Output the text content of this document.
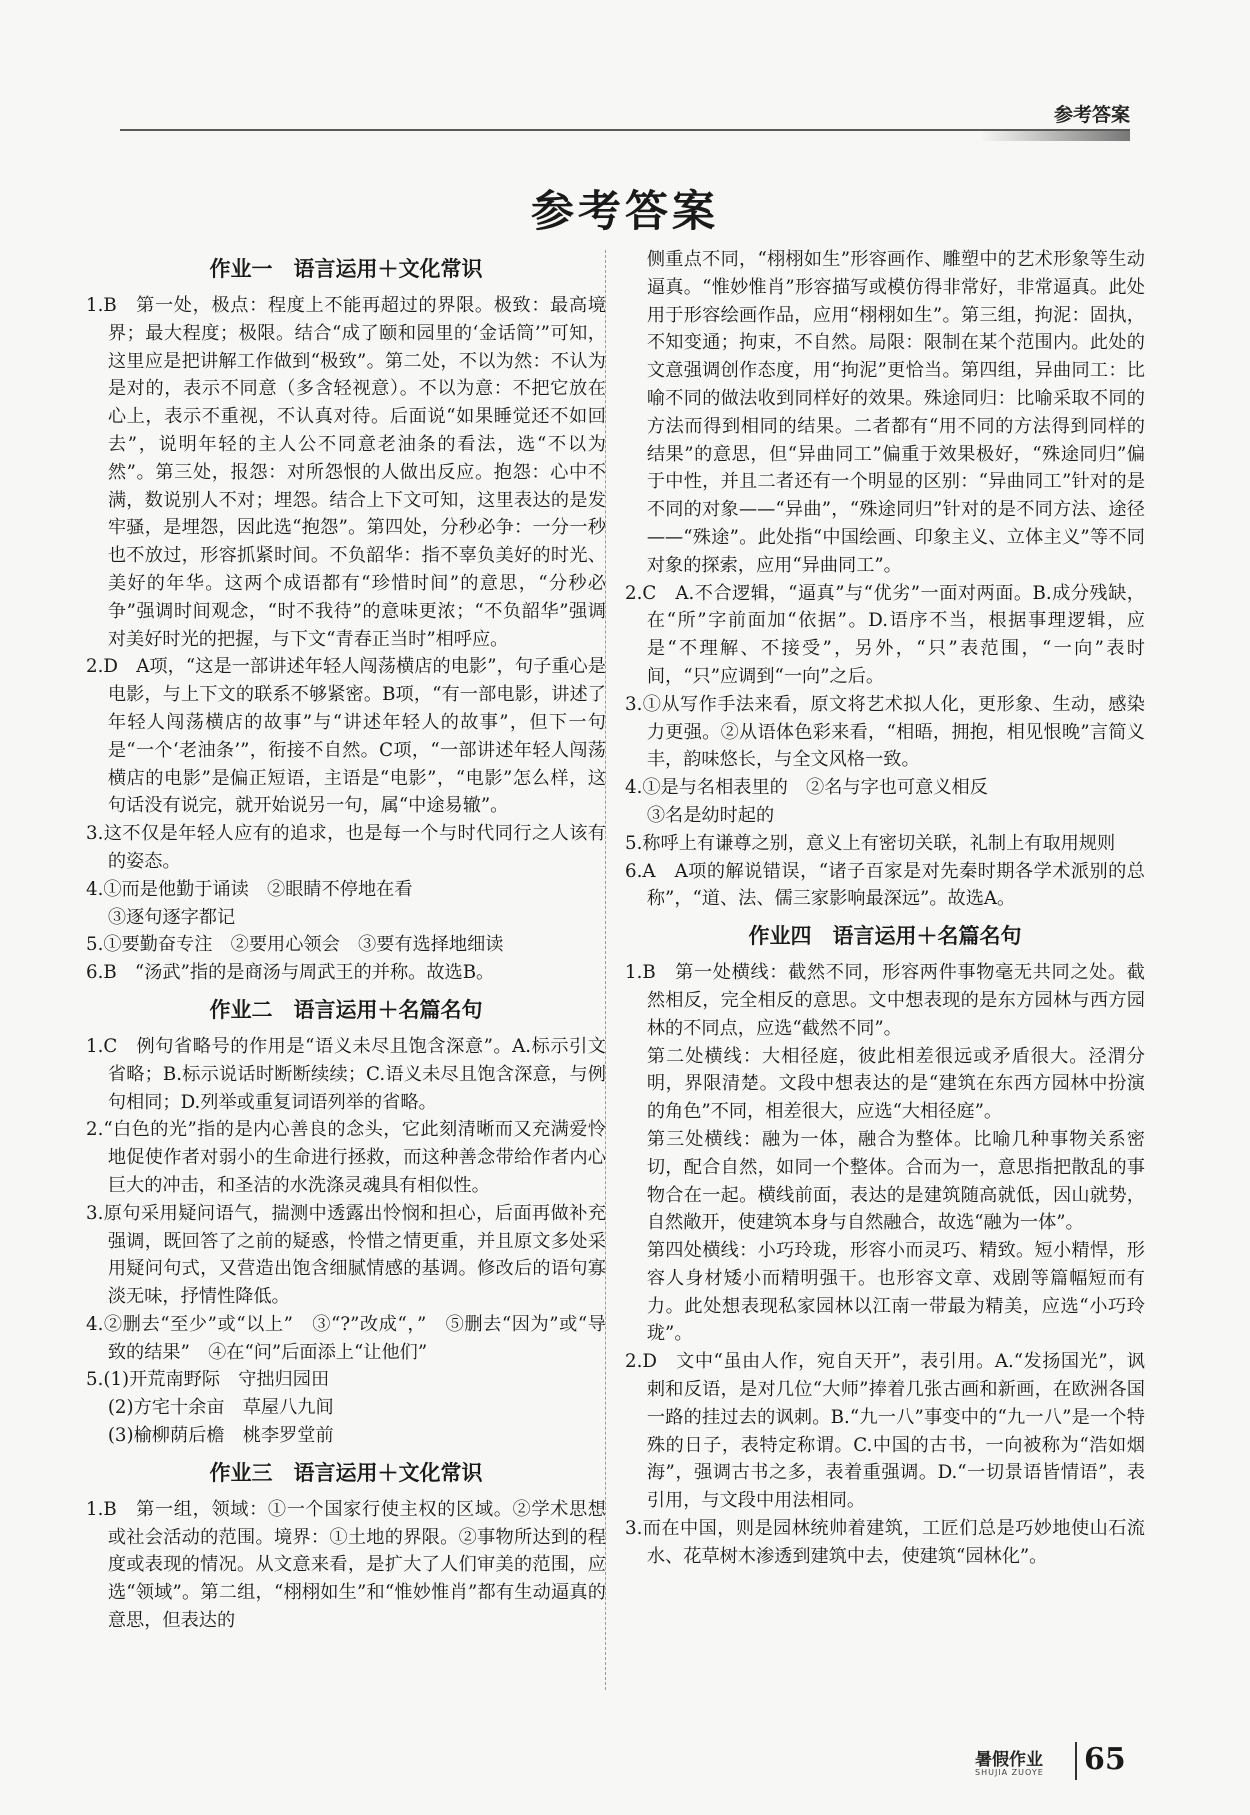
参考答案
参考答案
作业一　语言运用＋文化常识

1.B　第一处，极点：程度上不能再超过的界限。极致：最高境界；最大程度；极限。结合“成了颐和园里的‘金话筒’”可知，这里应是把讲解工作做到“极致”。第二处，不以为然：不认为是对的，表示不同意（多含轻视意）。不以为意：不把它放在心上，表示不重视，不认真对待。后面说“如果睡觉还不如回去”，说明年轻的主人公不同意老油条的看法，选“不以为然”。第三处，报怨：对所怨恨的人做出反应。抱怨：心中不满，数说别人不对；埋怨。结合上下文可知，这里表达的是发牢骚，是埋怨，因此选“抱怨”。第四处，分秒必争：一分一秒也不放过，形容抓紧时间。不负韶华：指不辜负美好的时光、美好的年华。这两个成语都有“珍惜时间”的意思，“分秒必争”强调时间观念，“时不我待”的意味更浓；“不负韶华”强调对美好时光的把握，与下文“青春正当时”相呼应。

2.D　A项，“这是一部讲述年轻人闯荡横店的电影”，句子重心是电影，与上下文的联系不够紧密。B项，“有一部电影，讲述了年轻人闯荡横店的故事”与“讲述年轻人的故事”，但下一句是“一个‘老油条’”，衔接不自然。C项，“一部讲述年轻人闯荡横店的电影”是偏正短语，主语是“电影”，“电影”怎么样，这句话没有说完，就开始说另一句，属“中途易辙”。

3.这不仅是年轻人应有的追求，也是每一个与时代同行之人该有的姿态。

4.①而是他勤于诵读　②眼睛不停地在看

③逐句逐字都记

5.①要勤奋专注　②要用心领会　③要有选择地细读

6.B　“汤武”指的是商汤与周武王的并称。故选B。

作业二　语言运用＋名篇名句

1.C　例句省略号的作用是“语义未尽且饱含深意”。A.标示引文省略；B.标示说话时断断续续；C.语义未尽且饱含深意，与例句相同；D.列举或重复词语列举的省略。

2.“白色的光”指的是内心善良的念头，它此刻清晰而又充满爱怜地促使作者对弱小的生命进行拯救，而这种善念带给作者内心巨大的冲击，和圣洁的水洗涤灵魂具有相似性。

3.原句采用疑问语气，揣测中透露出怜悯和担心，后面再做补充强调，既回答了之前的疑惑，怜惜之情更重，并且原文多处采用疑问句式，又营造出饱含细腻情感的基调。修改后的语句寡淡无味，抒情性降低。

4.②删去“至少”或“以上”　③“?”改成“，”　⑤删去“因为”或“导致的结果”　④在“问”后面添上“让他们”

5.(1)开荒南野际　守拙归园田

(2)方宅十余亩　草屋八九间

(3)榆柳荫后檐　桃李罗堂前

作业三　语言运用＋文化常识

1.B　第一组，领域：①一个国家行使主权的区域。②学术思想或社会活动的范围。境界：①土地的界限。②事物所达到的程度或表现的情况。从文意来看，是扩大了人们审美的范围，应选“领域”。第二组，“栩栩如生”和“惟妙惟肖”都有生动逼真的意思，但表达的

侧重点不同，“栩栩如生”形容画作、雕塑中的艺术形象等生动逼真。“惟妙惟肖”形容描写或模仿得非常好，非常逼真。此处用于形容绘画作品，应用“栩栩如生”。第三组，拘泥：固执，不知变通；拘束，不自然。局限：限制在某个范围内。此处的文意强调创作态度，用“拘泥”更恰当。第四组，异曲同工：比喻不同的做法收到同样好的效果。殊途同归：比喻采取不同的方法而得到相同的结果。二者都有“用不同的方法得到同样的结果”的意思，但“异曲同工”偏重于效果极好，“殊途同归”偏于中性，并且二者还有一个明显的区别：“异曲同工”针对的是不同的对象——“异曲”，“殊途同归”针对的是不同方法、途径——“殊途”。此处指“中国绘画、印象主义、立体主义”等不同对象的探索，应用“异曲同工”。

2.C　A.不合逻辑，“逼真”与“优劣”一面对两面。B.成分残缺，在“所”字前面加“依据”。D.语序不当，根据事理逻辑，应是“不理解、不接受”，另外，“只”表范围，“一向”表时间，“只”应调到“一向”之后。

3.①从写作手法来看，原文将艺术拟人化，更形象、生动，感染力更强。②从语体色彩来看，“相晤，拥抱，相见恨晚”言简义丰，韵味悠长，与全文风格一致。

4.①是与名相表里的　②名与字也可意义相反

③名是幼时起的

5.称呼上有谦尊之别，意义上有密切关联，礼制上有取用规则

6.A　A项的解说错误，“诸子百家是对先秦时期各学术派别的总称”，“道、法、儒三家影响最深远”。故选A。

作业四　语言运用＋名篇名句

1.B　第一处横线：截然不同，形容两件事物毫无共同之处。截然相反，完全相反的意思。文中想表现的是东方园林与西方园林的不同点，应选“截然不同”。

第二处横线：大相径庭，彼此相差很远或矛盾很大。泾渭分明，界限清楚。文段中想表达的是“建筑在东西方园林中扮演的角色”不同，相差很大，应选“大相径庭”。

第三处横线：融为一体，融合为整体。比喻几种事物关系密切，配合自然，如同一个整体。合而为一，意思指把散乱的事物合在一起。横线前面，表达的是建筑随高就低，因山就势，自然敞开，使建筑本身与自然融合，故选“融为一体”。

第四处横线：小巧玲珑，形容小而灵巧、精致。短小精悍，形容人身材矮小而精明强干。也形容文章、戏剧等篇幅短而有力。此处想表现私家园林以江南一带最为精美，应选“小巧玲珑”。

2.D　文中“虽由人作，宛自天开”，表引用。A.“发扬国光”，讽刺和反语，是对几位“大师”捧着几张古画和新画，在欧洲各国一路的挂过去的讽刺。B.“九一八”事变中的“九一八”是一个特殊的日子，表特定称谓。C.中国的古书，一向被称为“浩如烟海”，强调古书之多，表着重强调。D.“一切景语皆情语”，表引用，与文段中用法相同。

3.而在中国，则是园林统帅着建筑，工匠们总是巧妙地使山石流水、花草树木渗透到建筑中去，使建筑“园林化”。

暑假作业
SHUJIA ZUOYE 65
